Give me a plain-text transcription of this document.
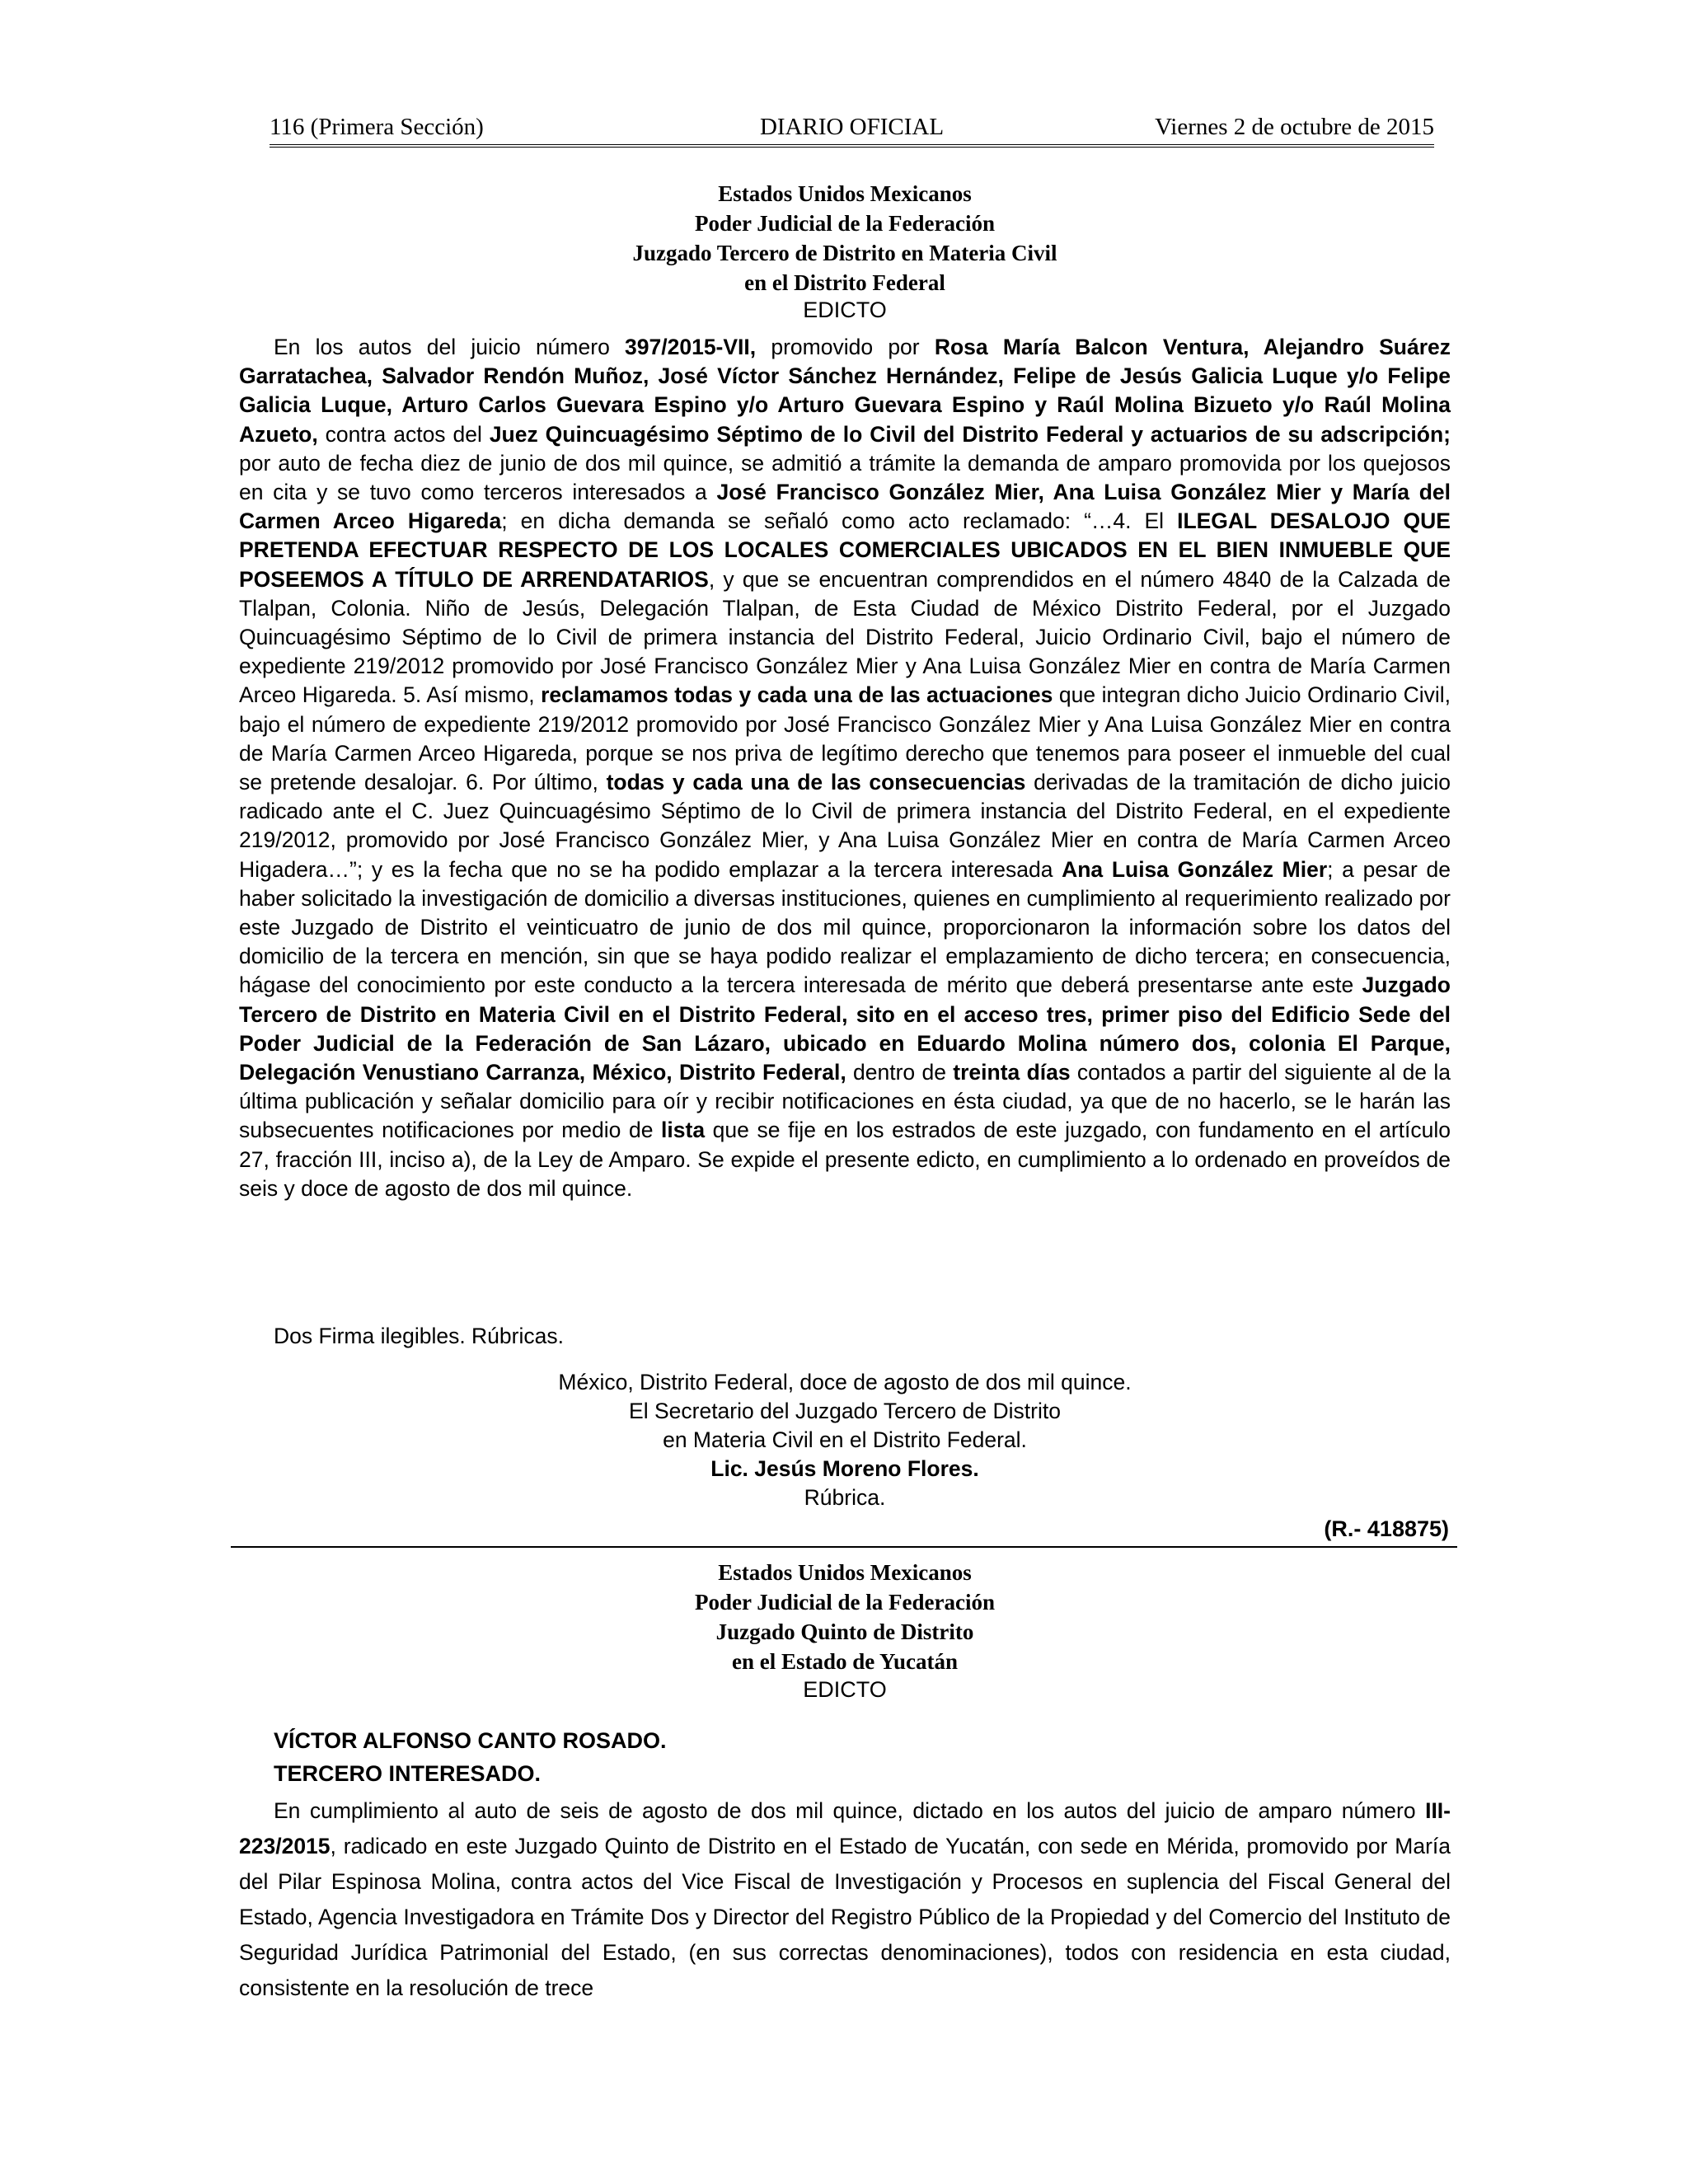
116 (Primera Sección)	DIARIO OFICIAL	Viernes 2 de octubre de 2015
Estados Unidos Mexicanos
Poder Judicial de la Federación
Juzgado Tercero de Distrito en Materia Civil
en el Distrito Federal
EDICTO
En los autos del juicio número 397/2015-VII, promovido por Rosa María Balcon Ventura, Alejandro Suárez Garratachea, Salvador Rendón Muñoz, José Víctor Sánchez Hernández, Felipe de Jesús Galicia Luque y/o Felipe Galicia Luque, Arturo Carlos Guevara Espino y/o Arturo Guevara Espino y Raúl Molina Bizueto y/o Raúl Molina Azueto, contra actos del Juez Quincuagésimo Séptimo de lo Civil del Distrito Federal y actuarios de su adscripción; por auto de fecha diez de junio de dos mil quince, se admitió a trámite la demanda de amparo promovida por los quejosos en cita y se tuvo como terceros interesados a José Francisco González Mier, Ana Luisa González Mier y María del Carmen Arceo Higareda; en dicha demanda se señaló como acto reclamado: “…4. El ILEGAL DESALOJO QUE PRETENDA EFECTUAR RESPECTO DE LOS LOCALES COMERCIALES UBICADOS EN EL BIEN INMUEBLE QUE POSEEMOS A TÍTULO DE ARRENDATARIOS, y que se encuentran comprendidos en el número 4840 de la Calzada de Tlalpan, Colonia. Niño de Jesús, Delegación Tlalpan, de Esta Ciudad de México Distrito Federal, por el Juzgado Quincuagésimo Séptimo de lo Civil de primera instancia del Distrito Federal, Juicio Ordinario Civil, bajo el número de expediente 219/2012 promovido por José Francisco González Mier y Ana Luisa González Mier en contra de María Carmen Arceo Higareda. 5. Así mismo, reclamamos todas y cada una de las actuaciones que integran dicho Juicio Ordinario Civil, bajo el número de expediente 219/2012 promovido por José Francisco González Mier y Ana Luisa González Mier en contra de María Carmen Arceo Higareda, porque se nos priva de legítimo derecho que tenemos para poseer el inmueble del cual se pretende desalojar. 6. Por último, todas y cada una de las consecuencias derivadas de la tramitación de dicho juicio radicado ante el C. Juez Quincuagésimo Séptimo de lo Civil de primera instancia del Distrito Federal, en el expediente 219/2012, promovido por José Francisco González Mier, y Ana Luisa González Mier en contra de María Carmen Arceo Higadera…”; y es la fecha que no se ha podido emplazar a la tercera interesada Ana Luisa González Mier; a pesar de haber solicitado la investigación de domicilio a diversas instituciones, quienes en cumplimiento al requerimiento realizado por este Juzgado de Distrito el veinticuatro de junio de dos mil quince, proporcionaron la información sobre los datos del domicilio de la tercera en mención, sin que se haya podido realizar el emplazamiento de dicho tercera; en consecuencia, hágase del conocimiento por este conducto a la tercera interesada de mérito que deberá presentarse ante este Juzgado Tercero de Distrito en Materia Civil en el Distrito Federal, sito en el acceso tres, primer piso del Edificio Sede del Poder Judicial de la Federación de San Lázaro, ubicado en Eduardo Molina número dos, colonia El Parque, Delegación Venustiano Carranza, México, Distrito Federal, dentro de treinta días contados a partir del siguiente al de la última publicación y señalar domicilio para oír y recibir notificaciones en ésta ciudad, ya que de no hacerlo, se le harán las subsecuentes notificaciones por medio de lista que se fije en los estrados de este juzgado, con fundamento en el artículo 27, fracción III, inciso a), de la Ley de Amparo. Se expide el presente edicto, en cumplimiento a lo ordenado en proveídos de seis y doce de agosto de dos mil quince.
Dos Firma ilegibles. Rúbricas.
México, Distrito Federal, doce de agosto de dos mil quince.
El Secretario del Juzgado Tercero de Distrito
en Materia Civil en el Distrito Federal.
Lic. Jesús Moreno Flores.
Rúbrica.
(R.- 418875)
Estados Unidos Mexicanos
Poder Judicial de la Federación
Juzgado Quinto de Distrito
en el Estado de Yucatán
EDICTO
VÍCTOR ALFONSO CANTO ROSADO.
TERCERO INTERESADO.
En cumplimiento al auto de seis de agosto de dos mil quince, dictado en los autos del juicio de amparo número III-223/2015, radicado en este Juzgado Quinto de Distrito en el Estado de Yucatán, con sede en Mérida, promovido por María del Pilar Espinosa Molina, contra actos del Vice Fiscal de Investigación y Procesos en suplencia del Fiscal General del Estado, Agencia Investigadora en Trámite Dos y Director del Registro Público de la Propiedad y del Comercio del Instituto de Seguridad Jurídica Patrimonial del Estado, (en sus correctas denominaciones), todos con residencia en esta ciudad, consistente en la resolución de trece
